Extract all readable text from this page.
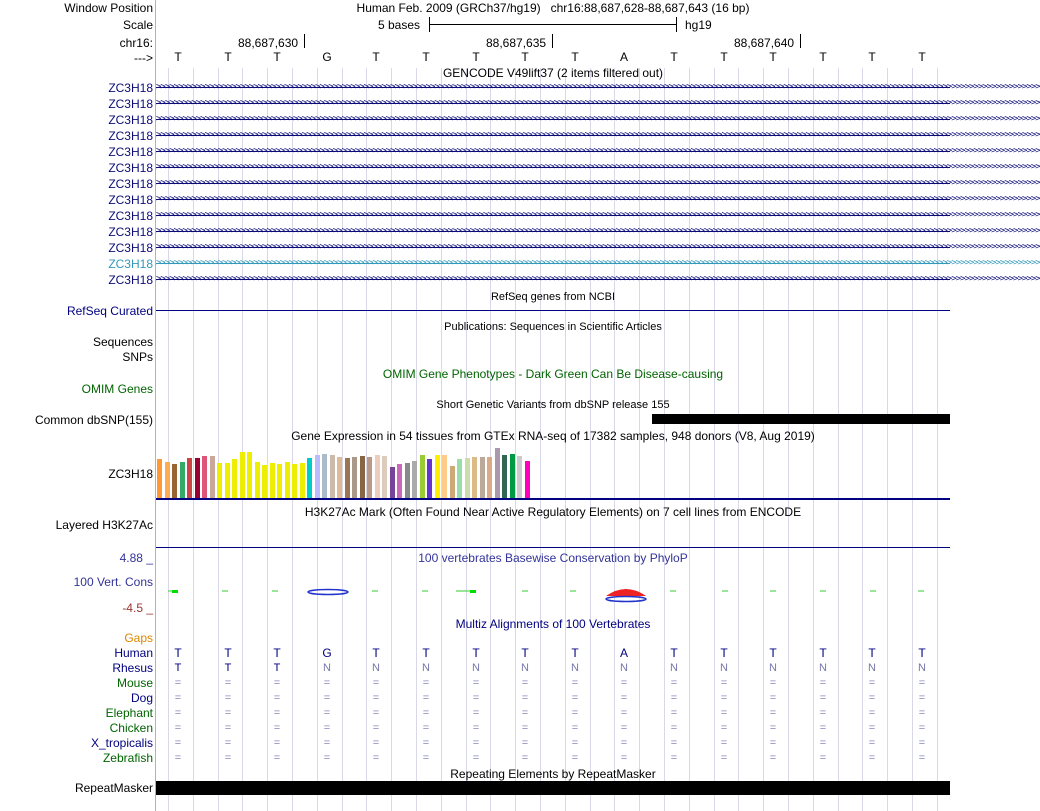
Window Position	Human Feb. 2009 (GRCh37/hg19)   chr16:88,687,628-88,687,643 (16 bp)
Scale	5 bases	hg19
chr16:	88,687,630	88,687,635	88,687,640
--->	T	T	T	G	T	T	T	T	T	A	T	T	T	T	T	T
GENCODE V49lift37 (2 items filtered out)
ZC3H18 >>>>>>>>>>>>>>>>>>>>>>>>>>>>>>>>>>>>>>>>>>>>>>>>>>>>>>>>>>>>>>>>>>>>>>>>>>>>>>>>>>>>>>>>>>>>>>>>>>>>>>>>>>>>>>>>>>>>>>>>>>>>>>>>>>>>>>>>>>>>>>>>>>>>>>>>>>>>>>>>>>>>>>>>>>>>>>>>>>>>>>>>>>>>>>>>>>>>>>>>
ZC3H18 >>>>>>>>>>>>>>>>>>>>>>>>>>>>>>>>>>>>>>>>>>>>>>>>>>>>>>>>>>>>>>>>>>>>>>>>>>>>>>>>>>>>>>>>>>>>>>>>>>>>>>>>>>>>>>>>>>>>>>>>>>>>>>>>>>>>>>>>>>>>>>>>>>>>>>>>>>>>>>>>>>>>>>>>>>>>>>>>>>>>>>>>>>>>>>>>>>>>>>>>
ZC3H18 >>>>>>>>>>>>>>>>>>>>>>>>>>>>>>>>>>>>>>>>>>>>>>>>>>>>>>>>>>>>>>>>>>>>>>>>>>>>>>>>>>>>>>>>>>>>>>>>>>>>>>>>>>>>>>>>>>>>>>>>>>>>>>>>>>>>>>>>>>>>>>>>>>>>>>>>>>>>>>>>>>>>>>>>>>>>>>>>>>>>>>>>>>>>>>>>>>>>>>>>
ZC3H18 >>>>>>>>>>>>>>>>>>>>>>>>>>>>>>>>>>>>>>>>>>>>>>>>>>>>>>>>>>>>>>>>>>>>>>>>>>>>>>>>>>>>>>>>>>>>>>>>>>>>>>>>>>>>>>>>>>>>>>>>>>>>>>>>>>>>>>>>>>>>>>>>>>>>>>>>>>>>>>>>>>>>>>>>>>>>>>>>>>>>>>>>>>>>>>>>>>>>>>>>
ZC3H18 >>>>>>>>>>>>>>>>>>>>>>>>>>>>>>>>>>>>>>>>>>>>>>>>>>>>>>>>>>>>>>>>>>>>>>>>>>>>>>>>>>>>>>>>>>>>>>>>>>>>>>>>>>>>>>>>>>>>>>>>>>>>>>>>>>>>>>>>>>>>>>>>>>>>>>>>>>>>>>>>>>>>>>>>>>>>>>>>>>>>>>>>>>>>>>>>>>>>>>>>
ZC3H18 >>>>>>>>>>>>>>>>>>>>>>>>>>>>>>>>>>>>>>>>>>>>>>>>>>>>>>>>>>>>>>>>>>>>>>>>>>>>>>>>>>>>>>>>>>>>>>>>>>>>>>>>>>>>>>>>>>>>>>>>>>>>>>>>>>>>>>>>>>>>>>>>>>>>>>>>>>>>>>>>>>>>>>>>>>>>>>>>>>>>>>>>>>>>>>>>>>>>>>>>
ZC3H18 >>>>>>>>>>>>>>>>>>>>>>>>>>>>>>>>>>>>>>>>>>>>>>>>>>>>>>>>>>>>>>>>>>>>>>>>>>>>>>>>>>>>>>>>>>>>>>>>>>>>>>>>>>>>>>>>>>>>>>>>>>>>>>>>>>>>>>>>>>>>>>>>>>>>>>>>>>>>>>>>>>>>>>>>>>>>>>>>>>>>>>>>>>>>>>>>>>>>>>>>
ZC3H18 >>>>>>>>>>>>>>>>>>>>>>>>>>>>>>>>>>>>>>>>>>>>>>>>>>>>>>>>>>>>>>>>>>>>>>>>>>>>>>>>>>>>>>>>>>>>>>>>>>>>>>>>>>>>>>>>>>>>>>>>>>>>>>>>>>>>>>>>>>>>>>>>>>>>>>>>>>>>>>>>>>>>>>>>>>>>>>>>>>>>>>>>>>>>>>>>>>>>>>>>
ZC3H18 >>>>>>>>>>>>>>>>>>>>>>>>>>>>>>>>>>>>>>>>>>>>>>>>>>>>>>>>>>>>>>>>>>>>>>>>>>>>>>>>>>>>>>>>>>>>>>>>>>>>>>>>>>>>>>>>>>>>>>>>>>>>>>>>>>>>>>>>>>>>>>>>>>>>>>>>>>>>>>>>>>>>>>>>>>>>>>>>>>>>>>>>>>>>>>>>>>>>>>>>
ZC3H18 >>>>>>>>>>>>>>>>>>>>>>>>>>>>>>>>>>>>>>>>>>>>>>>>>>>>>>>>>>>>>>>>>>>>>>>>>>>>>>>>>>>>>>>>>>>>>>>>>>>>>>>>>>>>>>>>>>>>>>>>>>>>>>>>>>>>>>>>>>>>>>>>>>>>>>>>>>>>>>>>>>>>>>>>>>>>>>>>>>>>>>>>>>>>>>>>>>>>>>>>
ZC3H18 >>>>>>>>>>>>>>>>>>>>>>>>>>>>>>>>>>>>>>>>>>>>>>>>>>>>>>>>>>>>>>>>>>>>>>>>>>>>>>>>>>>>>>>>>>>>>>>>>>>>>>>>>>>>>>>>>>>>>>>>>>>>>>>>>>>>>>>>>>>>>>>>>>>>>>>>>>>>>>>>>>>>>>>>>>>>>>>>>>>>>>>>>>>>>>>>>>>>>>>>
ZC3H18 >>>>>>>>>>>>>>>>>>>>>>>>>>>>>>>>>>>>>>>>>>>>>>>>>>>>>>>>>>>>>>>>>>>>>>>>>>>>>>>>>>>>>>>>>>>>>>>>>>>>>>>>>>>>>>>>>>>>>>>>>>>>>>>>>>>>>>>>>>>>>>>>>>>>>>>>>>>>>>>>>>>>>>>>>>>>>>>>>>>>>>>>>>>>>>>>>>>>>>>>
ZC3H18 >>>>>>>>>>>>>>>>>>>>>>>>>>>>>>>>>>>>>>>>>>>>>>>>>>>>>>>>>>>>>>>>>>>>>>>>>>>>>>>>>>>>>>>>>>>>>>>>>>>>>>>>>>>>>>>>>>>>>>>>>>>>>>>>>>>>>>>>>>>>>>>>>>>>>>>>>>>>>>>>>>>>>>>>>>>>>>>>>>>>>>>>>>>>>>>>>>>>>>>>
RefSeq genes from NCBI
RefSeq Curated
Publications: Sequences in Scientific Articles
Sequences
SNPs
OMIM Gene Phenotypes - Dark Green Can Be Disease-causing
OMIM Genes
Short Genetic Variants from dbSNP release 155
Common dbSNP(155)
Gene Expression in 54 tissues from GTEx RNA-seq of 17382 samples, 948 donors (V8, Aug 2019)
ZC3H18
H3K27Ac Mark (Often Found Near Active Regulatory Elements) on 7 cell lines from ENCODE
Layered H3K27Ac
100 vertebrates Basewise Conservation by PhyloP
4.88 _
100 Vert. Cons
-4.5 _
Multiz Alignments of 100 Vertebrates
Gaps
Human	T	T	T	G	T	T	T	T	T	A	T	T	T	T	T	T
Rhesus	T	T	T	N	N	N	N	N	N	N	N	N	N	N	N	N
Mouse	=	=	=	=	=	=	=	=	=	=	=	=	=	=	=	=
Dog	=	=	=	=	=	=	=	=	=	=	=	=	=	=	=	=
Elephant	=	=	=	=	=	=	=	=	=	=	=	=	=	=	=	=
Chicken	=	=	=	=	=	=	=	=	=	=	=	=	=	=	=	=
X_tropicalis	=	=	=	=	=	=	=	=	=	=	=	=	=	=	=	=
Zebrafish	=	=	=	=	=	=	=	=	=	=	=	=	=	=	=	=
Repeating Elements by RepeatMasker
RepeatMasker
